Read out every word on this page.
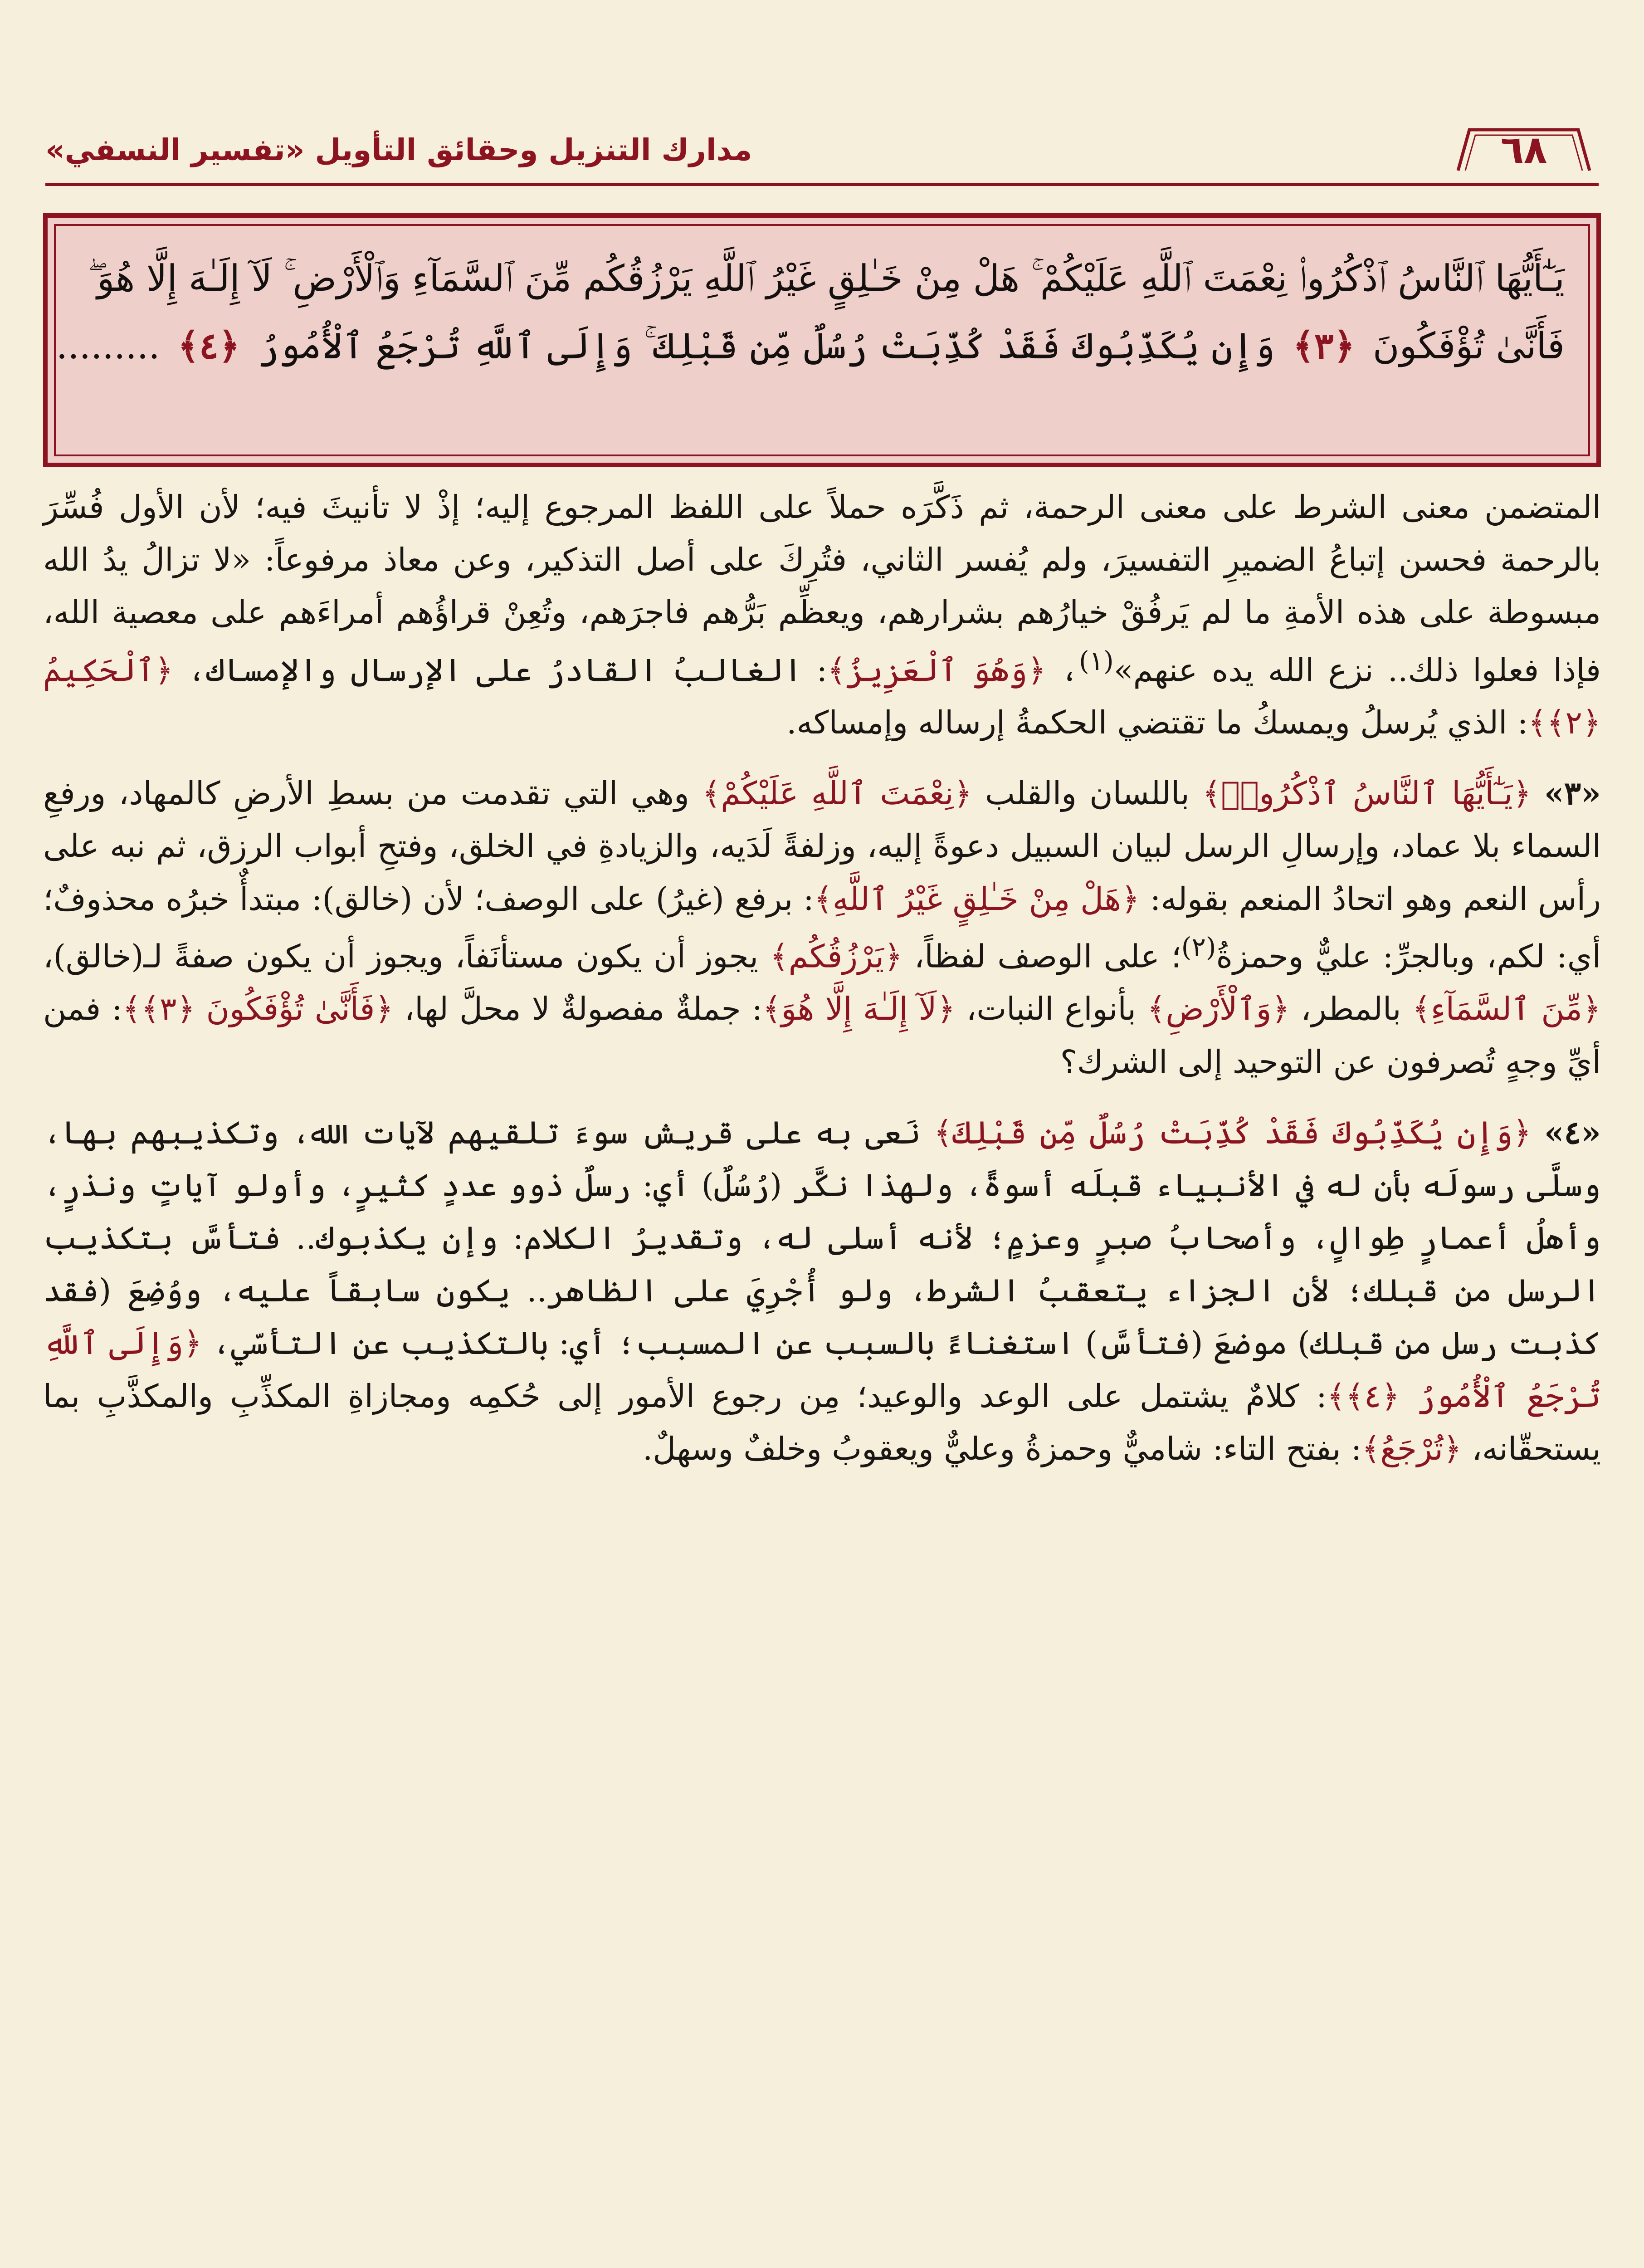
٦٨
مدارك التنزيل وحقائق التأويل «تفسير النسفي»
يَـٰٓأَيُّهَا ٱلنَّاسُ ٱذْكُرُوا۟ نِعْمَتَ ٱللَّهِ عَلَيْكُمْ ۚ هَلْ مِنْ خَـٰلِقٍ غَيْرُ ٱللَّهِ يَرْزُقُكُم مِّنَ ٱلسَّمَآءِ وَٱلْأَرْضِ ۚ لَآ إِلَـٰهَ إِلَّا هُوَ ۖ
فَأَنَّىٰ تُؤْفَكُونَ ﴿٣﴾ وَإِن يُكَذِّبُوكَ فَقَدْ كُذِّبَتْ رُسُلٌ مِّن قَبْلِكَ ۚ وَإِلَى ٱللَّهِ تُرْجَعُ ٱلْأُمُورُ ﴿٤﴾ .........

المتضمن معنى الشرط على معنى الرحمة، ثم ذَكَّرَه حملاً على اللفظ المرجوع إليه؛ إذْ لا تأنيثَ فيه؛ لأن الأول فُسِّرَ بالرحمة فحسن إتباعُ الضميرِ التفسيرَ، ولم يُفسر الثاني، فتُرِكَ على أصل التذكير، وعن معاذ مرفوعاً: «لا تزالُ يدُ الله مبسوطة على هذه الأمةِ ما لم يَرفُقْ خيارُهم بشرارهم، ويعظِّم بَرُّهم فاجرَهم، وتُعِنْ قراؤُهم أمراءَهم على معصية الله، فإذا فعلوا ذلك.. نزع الله يده عنهم»$^{(١)}$، ﴿وَهُوَ ٱلْعَزِيزُ﴾: الغالبُ القادرُ على الإرسال والإمساك، ﴿ٱلْحَكِيمُ ﴿٢﴾﴾: الذي يُرسلُ ويمسكُ ما تقتضي الحكمةُ إرساله وإمساكه.

«٣» ﴿يَـٰٓأَيُّهَا ٱلنَّاسُ ٱذْكُرُوا۟﴾ باللسان والقلب ﴿نِعْمَتَ ٱللَّهِ عَلَيْكُمْ﴾ وهي التي تقدمت من بسطِ الأرضِ كالمهاد، ورفعِ السماء بلا عماد، وإرسالِ الرسل لبيان السبيل دعوةً إليه، وزلفةً لَدَيه، والزيادةِ في الخلق، وفتحِ أبواب الرزق، ثم نبه على رأس النعم وهو اتحادُ المنعم بقوله: ﴿هَلْ مِنْ خَـٰلِقٍ غَيْرُ ٱللَّهِ﴾: برفع (غيرُ) على الوصف؛ لأن (خالق): مبتدأٌ خبرُه محذوفٌ؛ أي: لكم، وبالجرِّ: عليٌّ وحمزةُ$^{(٢)}$؛ على الوصف لفظاً، ﴿يَرْزُقُكُم﴾ يجوز أن يكون مستأنَفاً، ويجوز أن يكون صفةً لـ(خالق)، ﴿مِّنَ ٱلسَّمَآءِ﴾ بالمطر، ﴿وَٱلْأَرْضِ﴾ بأنواع النبات، ﴿لَآ إِلَـٰهَ إِلَّا هُوَ﴾: جملةٌ مفصولةٌ لا محلَّ لها، ﴿فَأَنَّىٰ تُؤْفَكُونَ ﴿٣﴾﴾: فمن أيِّ وجهٍ تُصرفون عن التوحيد إلى الشرك؟

«٤» ﴿وَإِن يُكَذِّبُوكَ فَقَدْ كُذِّبَتْ رُسُلٌ مِّن قَبْلِكَ﴾ نَعى به على قريش سوءَ تلقيهم لآيات الله، وتكذيبهم بها، وسلَّى رسولَه بأن له في الأنبياء قبلَه أسوةً، ولهذا نكَّر (رُسُلٌ) أي: رسلٌ ذوو عددٍ كثيرٍ، وأولو آياتٍ ونذرٍ، وأهلُ أعمارٍ طِوالٍ، وأصحابُ صبرٍ وعزمٍ؛ لأنه أسلى له، وتقديرُ الكلام: وإن يكذبوك.. فتأسَّ بتكذيب الرسل من قبلك؛ لأن الجزاء يتعقبُ الشرط، ولو أُجْرِيَ على الظاهر.. يكون سابقاً عليه، ووُضِعَ (فقد كذبت رسل من قبلك) موضعَ (فتأسَّ) استغناءً بالسبب عن المسبب؛ أي: بالتكذيب عن التأسّي، ﴿وَإِلَى ٱللَّهِ تُرْجَعُ ٱلْأُمُورُ ﴿٤﴾﴾: كلامٌ يشتمل على الوعد والوعيد؛ مِن رجوع الأمور إلى حُكمِه ومجازاةِ المكذِّبِ والمكذَّبِ بما يستحقّانه، ﴿تُرْجَعُ﴾: بفتح التاء: شاميٌّ وحمزةُ وعليٌّ ويعقوبُ وخلفٌ وسهلٌ.
